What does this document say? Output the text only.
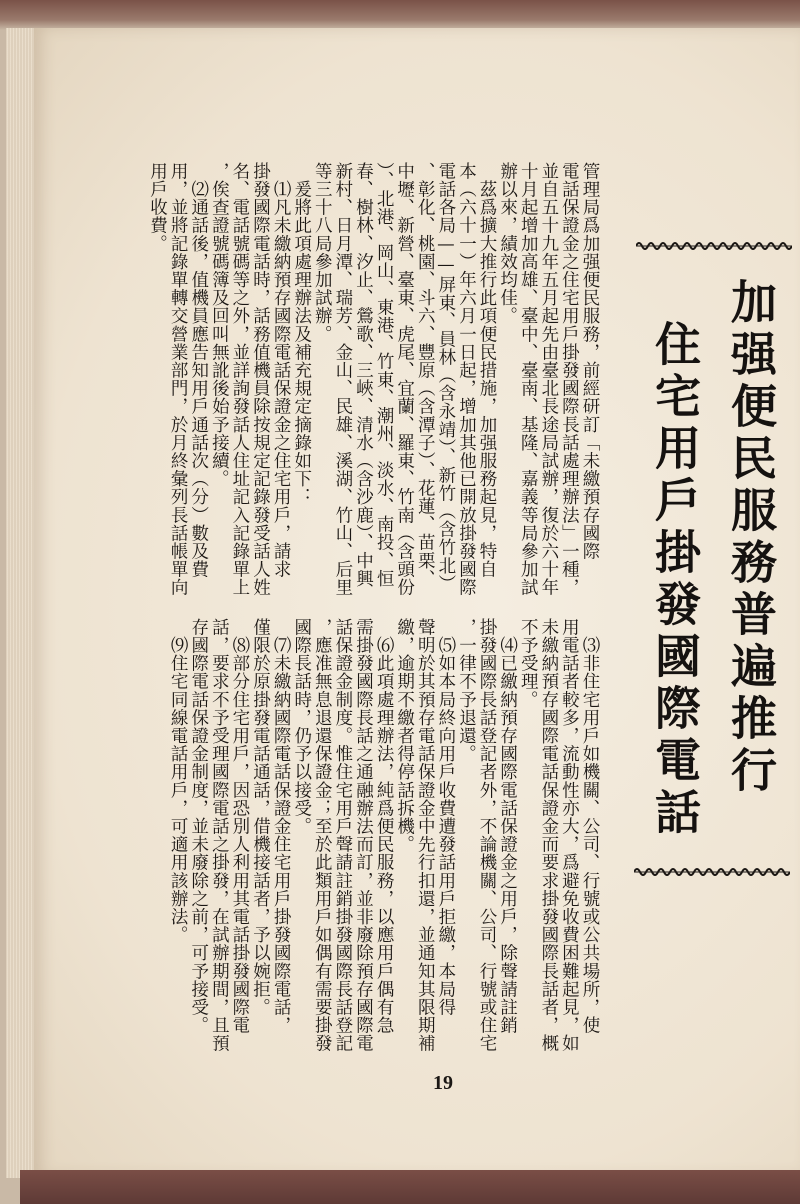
加强便民服務普遍推行
住宅用戶掛發國際電話
管理局爲加强便民服務，前經研訂「未繳預存國際
電話保證金之住宅用戶掛發國際長話處理辦法」一種，
並自五十九年五月起先由臺北長途局試辦，復於六十年
十月起增加高雄、臺中、臺南、基隆、嘉義等局參加試
辦以來，績效均佳。
　茲爲擴大推行此項便民措施，加强服務起見，特自
本（六十一）年六月一日起，增加其他已開放掛發國際
電話各局——屏東、員林（含永靖）、新竹（含竹北）
、彰化、桃園、斗六、豐原（含潭子）、花蓮、苗栗、
中壢、新營、臺東、虎尾、宜蘭、羅東、竹南（含頭份
）、北港、岡山、東港、竹東、潮州、淡水、南投、恒
春、樹林、汐止、鶯歌、三峽、清水（含沙鹿）、中興
新村、日月潭、瑞芳、金山、民雄、溪湖、竹山、后里
等三十八局參加試辦。
　爰將此項處理辦法及補充規定摘錄如下：
　⑴凡未繳納預存國際電話保證金之住宅用戶，請求
掛發國際電話時，話務值機員除按規定記錄發受話人姓
名、電話號碼等之外，並詳詢發話人住址記入記錄單上
，俟查證號碼簿及回叫無訛後始予接續。
　⑵通話後，值機員應告知用戶通話次（分）數及費
用，並將記錄單轉交營業部門，於月終彙列長話帳單向
用戶收費。
　⑶非住宅用戶如機關、公司、行號或公共場所，使
用電話者較多，流動性亦大，爲避免收費困難起見，如
未繳納預存國際電話保證金而要求掛發國際長話者，概
不予受理。
　⑷已繳納預存國際電話保證金之用戶，除聲請註銷
掛發國際長話登記者外，不論機關、公司、行號或住宅
，一律不予退還。
　⑸如本局終向用戶收費遭發話用戶拒繳，本局得
聲明於其預存電話保證金中先行扣還，並通知其限期補
繳，逾期不繳者得停話拆機。
　⑹此項處理辦法，純爲便民服務，以應用戶偶有急
需掛發國際長話之通融辦法而訂，並非廢除預存國際電
話保證金制度。惟住宅用戶聲請註銷掛發國際長話登記
，應准無息退還保證金；至於此類用戶如偶有需要掛發
國際長話時，仍予以接受。
　⑺未繳納國際電話保證金住宅用戶掛發國際電話，
僅限於原掛發電話通話，借機接話者，予以婉拒。
　⑻部分住宅用戶，因恐別人利用其電話掛發國際電
話，要求不予受理國際電話之掛發，在試辦期間，且預
存國際電話保證金制度，並未廢除之前，可予接受。
　⑼住宅同線電話用戶，可適用該辦法。
19
